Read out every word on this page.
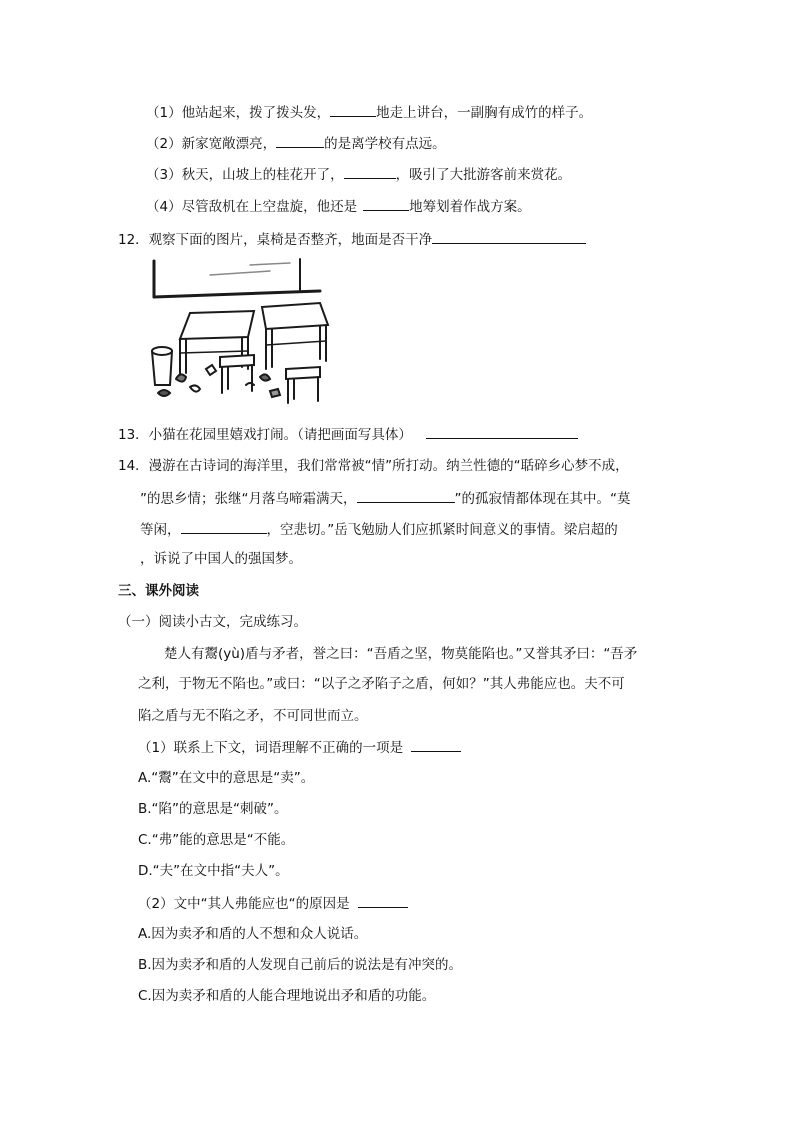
（1）他站起来，拨了拨头发，	地走上讲台，一副胸有成竹的样子。
（2）新家宽敞漂亮，	的是离学校有点远。
（3）秋天，山坡上的桂花开了，	，吸引了大批游客前来赏花。
（4）尽管敌机在上空盘旋，他还是	地筹划着作战方案。
12．观察下面的图片，桌椅是否整齐，地面是否干净
13．小猫在花园里嬉戏打闹。（请把画面写具体）
14．漫游在古诗词的海洋里，我们常常被“情”所打动。纳兰性德的“聒碎乡心梦不成，
”的思乡情；张继“月落乌啼霜满天，	”的孤寂情都体现在其中。“莫
等闲，	，空悲切。”岳飞勉励人们应抓紧时间意义的事情。梁启超的
，诉说了中国人的强国梦。
三、课外阅读
（一）阅读小古文，完成练习。
楚人有鬻(yù)盾与矛者，誉之曰：“吾盾之坚，物莫能陷也。”又誉其矛曰：“吾矛
之利，于物无不陷也。”或曰：“以子之矛陷子之盾，何如？”其人弗能应也。夫不可
陷之盾与无不陷之矛，不可同世而立。
（1）联系上下文，词语理解不正确的一项是
A.“鬻”在文中的意思是“卖”。
B.“陷”的意思是“刺破”。
C.“弗”能的意思是“不能。
D.“夫”在文中指“夫人”。
（2）文中“其人弗能应也“的原因是
A.因为卖矛和盾的人不想和众人说话。
B.因为卖矛和盾的人发现自己前后的说法是有冲突的。
C.因为卖矛和盾的人能合理地说出矛和盾的功能。
